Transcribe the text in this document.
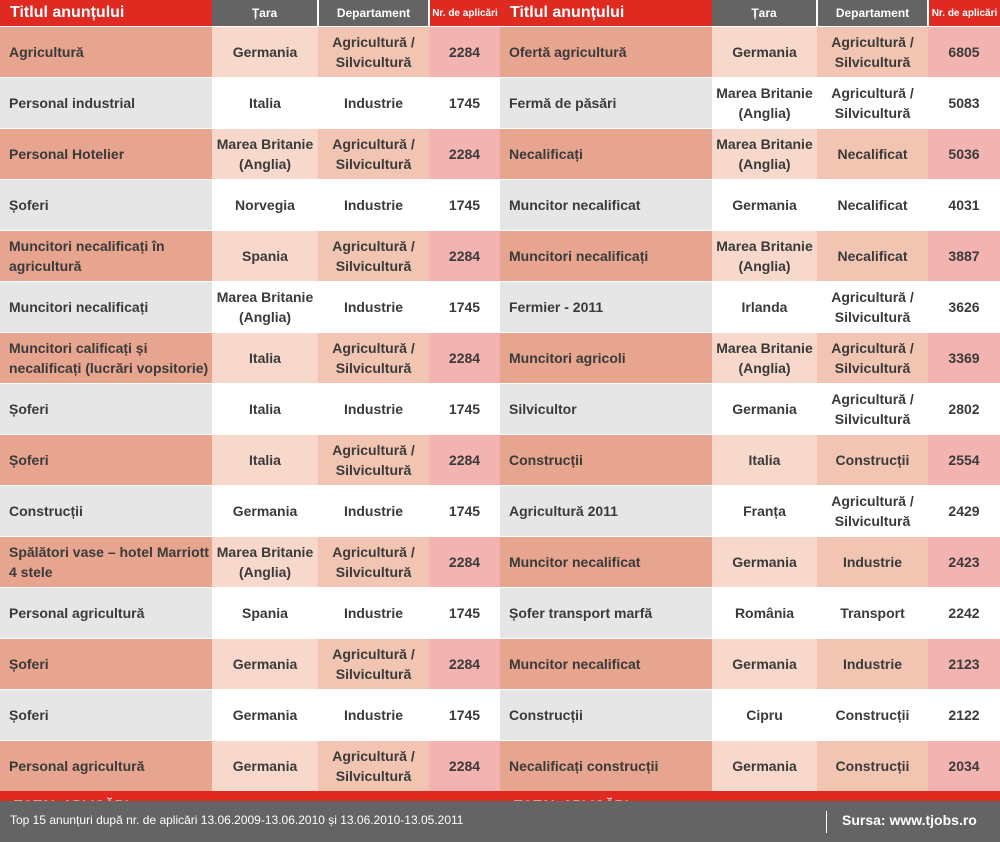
Titlul anunțului	Țara	Departament	Nr. de aplicări
Agricultură	Germania	Agricultură / Silvicultură	2284
Personal industrial	Italia	Industrie	1745
Personal Hotelier	Marea Britanie (Anglia)	Agricultură / Silvicultură	2284
Șoferi	Norvegia	Industrie	1745
Muncitori necalificați în agricultură	Spania	Agricultură / Silvicultură	2284
Muncitori necalificați	Marea Britanie (Anglia)	Industrie	1745
Muncitori calificați și necalificați (lucrări vopsitorie)	Italia	Agricultură / Silvicultură	2284
Șoferi	Italia	Industrie	1745
Șoferi	Italia	Agricultură / Silvicultură	2284
Construcții	Germania	Industrie	1745
Spălători vase – hotel Marriott 4 stele	Marea Britanie (Anglia)	Agricultură / Silvicultură	2284
Personal agricultură	Spania	Industrie	1745
Șoferi	Germania	Agricultură / Silvicultură	2284
Șoferi	Germania	Industrie	1745
Personal agricultură	Germania	Agricultură / Silvicultură	2284

Titlul anunțului	Țara	Departament	Nr. de aplicări
Ofertă agricultură	Germania	Agricultură / Silvicultură	6805
Fermă de păsări	Marea Britanie (Anglia)	Agricultură / Silvicultură	5083
Necalificați	Marea Britanie (Anglia)	Necalificat	5036
Muncitor necalificat	Germania	Necalificat	4031
Muncitori necalificați	Marea Britanie (Anglia)	Necalificat	3887
Fermier - 2011	Irlanda	Agricultură / Silvicultură	3626
Muncitori agricoli	Marea Britanie (Anglia)	Agricultură / Silvicultură	3369
Silvicultor	Germania	Agricultură / Silvicultură	2802
Construcții	Italia	Construcții	2554
Agricultură 2011	Franța	Agricultură / Silvicultură	2429
Muncitor necalificat	Germania	Industrie	2423
Șofer transport marfă	România	Transport	2242
Muncitor necalificat	Germania	Industrie	2123
Construcții	Cipru	Construcții	2122
Necalificați construcții	Germania	Construcții	2034

Top 15 anunțuri după nr. de aplicări 13.06.2009-13.06.2010 și 13.06.2010-13.05.2011	Sursa: www.tjobs.ro
